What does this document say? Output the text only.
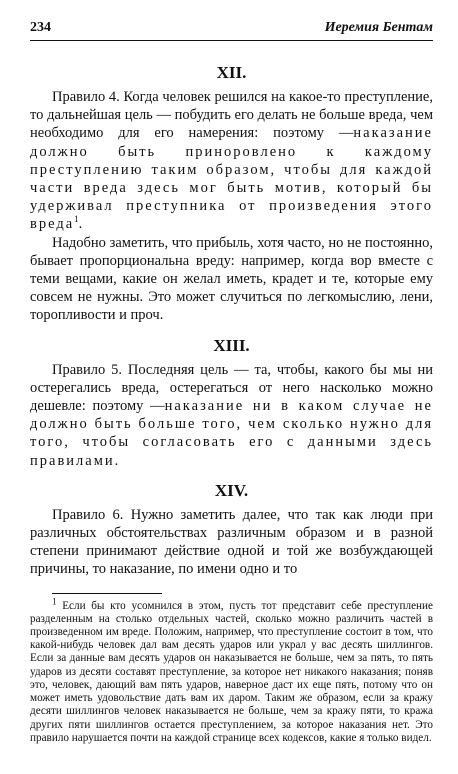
234	Иеремия Бентам
XII.

Правило 4. Когда человек решился на какое-то преступление, то дальнейшая цель — побудить его делать не больше вреда, чем необходимо для его намерения: поэтому —наказание должно быть приноровлено к каждому преступлению таким образом, чтобы для каждой части вреда здесь мог быть мотив, который бы удерживал преступника от произведения этого вреда$^1$.

Надобно заметить, что прибыль, хотя часто, но не постоянно, бывает пропорциональна вреду: например, когда вор вместе с теми вещами, какие он желал иметь, крадет и те, которые ему совсем не нужны. Это может случиться по легкомыслию, лени, торопливости и проч.

XIII.

Правило 5. Последняя цель — та, чтобы, какого бы мы ни остерегались вреда, остерегаться от него насколько можно дешевле: поэтому —наказание ни в каком случае не должно быть больше того, чем сколько нужно для того, чтобы согласовать его с данными здесь правилами.

XIV.

Правило 6. Нужно заметить далее, что так как люди при различных обстоятельствах различным образом и в разной степени принимают действие одной и той же возбуждающей причины, то наказание, по имени одно и то

$^1$ Если бы кто усомнился в этом, пусть тот представит себе преступление разделенным на столько отдельных частей, сколько можно различить частей в произведенном им вреде. Положим, например, что преступление состоит в том, что какой-нибудь человек дал вам десять ударов или украл у вас десять шиллингов. Если за данные вам десять ударов он наказывается не больше, чем за пять, то пять ударов из десяти составят преступление, за которое нет никакого наказания; поняв это, человек, дающий вам пять ударов, наверное даст их еще пять, потому что он может иметь удовольствие дать вам их даром. Таким же образом, если за кражу десяти шиллингов человек наказывается не больше, чем за кражу пяти, то кража других пяти шиллингов остается преступлением, за которое наказания нет. Это правило нарушается почти на каждой странице всех кодексов, какие я только видел.
